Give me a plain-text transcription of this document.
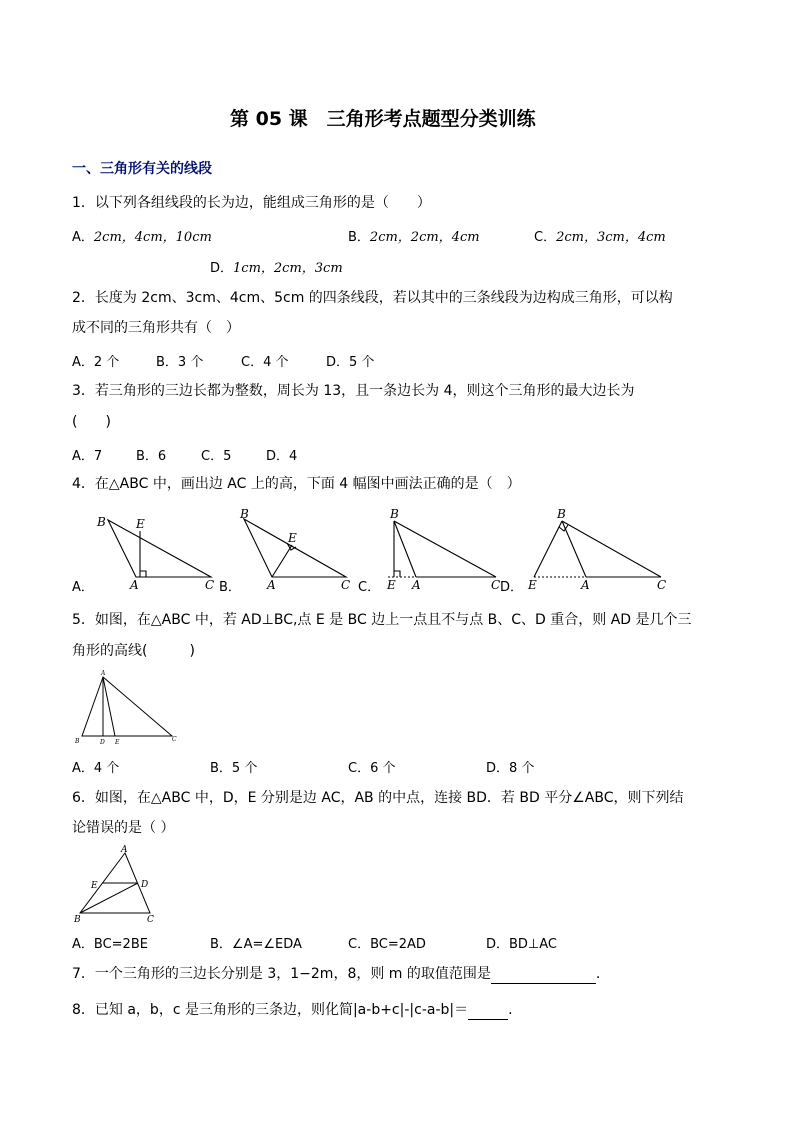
第 05 课　三角形考点题型分类训练
一、三角形有关的线段
1．以下列各组线段的长为边，能组成三角形的是（　　）
A．2cm，4cm，10cm	B．2cm，2cm，4cm	C．2cm，3cm，4cm
D．1cm，2cm，3cm
2．长度为 2cm、3cm、4cm、5cm 的四条线段，若以其中的三条线段为边构成三角形，可以构
成不同的三角形共有（　）
A．2 个	B．3 个	C．4 个	D．5 个
3．若三角形的三边长都为整数，周长为 13，且一条边长为 4，则这个三角形的最大边长为
(　　)
A．7	B．6	C．5	D．4
4．在△ABC 中，画出边 AC 上的高，下面 4 幅图中画法正确的是（　）
A．
B	E
A	C B．
B
E
A	C C．
B
E A	C D．
B
E	A	C
5．如图，在△ABC 中，若 AD⊥BC,点 E 是 BC 边上一点且不与点 B、C、D 重合，则 AD 是几个三
角形的高线(　　　)
A
B	D E	C
A．4 个	B．5 个	C．6 个	D．8 个
6．如图，在△ABC 中，D，E 分别是边 AC，AB 的中点，连接 BD．若 BD 平分∠ABC，则下列结
论错误的是（ ）
A
E	D
B	C
A．BC=2BE	B．∠A=∠EDA	C．BC=2AD	D．BD⊥AC
7．一个三角形的三边长分别是 3，1−2m，8，则 m 的取值范围是	.
8．已知 a，b，c 是三角形的三条边，则化简|a-b+c|-|c-a-b|＝	.
